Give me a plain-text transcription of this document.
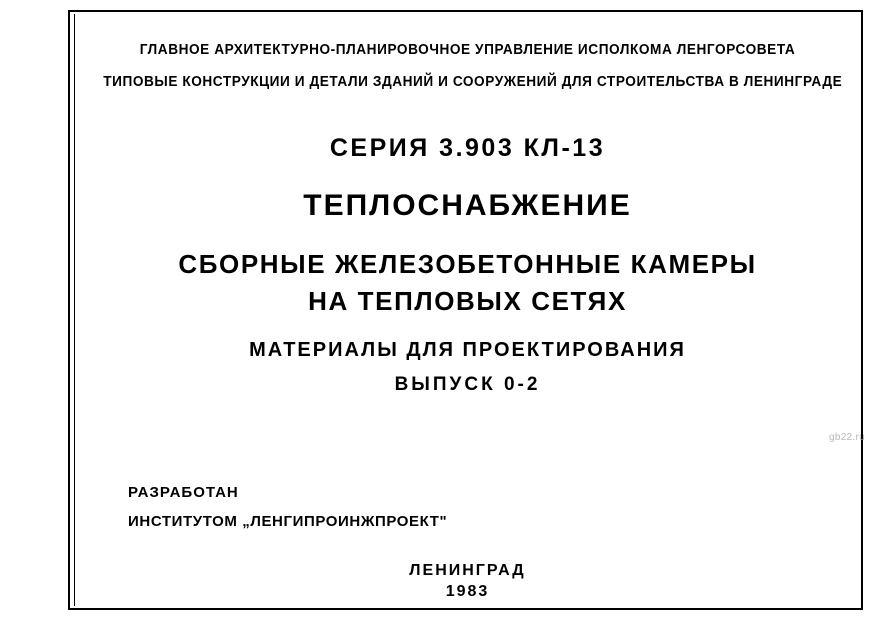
ГЛАВНОЕ АРХИТЕКТУРНО-ПЛАНИРОВОЧНОЕ УПРАВЛЕНИЕ ИСПОЛКОМА ЛЕНГОРСОВЕТА
ТИПОВЫЕ КОНСТРУКЦИИ И ДЕТАЛИ ЗДАНИЙ И СООРУЖЕНИЙ ДЛЯ СТРОИТЕЛЬСТВА В ЛЕНИНГРАДЕ
СЕРИЯ 3.903 КЛ-13
ТЕПЛОСНАБЖЕНИЕ
СБОРНЫЕ ЖЕЛЕЗОБЕТОННЫЕ КАМЕРЫ
НА ТЕПЛОВЫХ СЕТЯХ
МАТЕРИАЛЫ ДЛЯ ПРОЕКТИРОВАНИЯ
ВЫПУСК 0-2
РАЗРАБОТАН
ИНСТИТУТОМ „ЛЕНГИПРОИНЖПРОЕКТ"
ЛЕНИНГРАД
1983
gb22.ru
